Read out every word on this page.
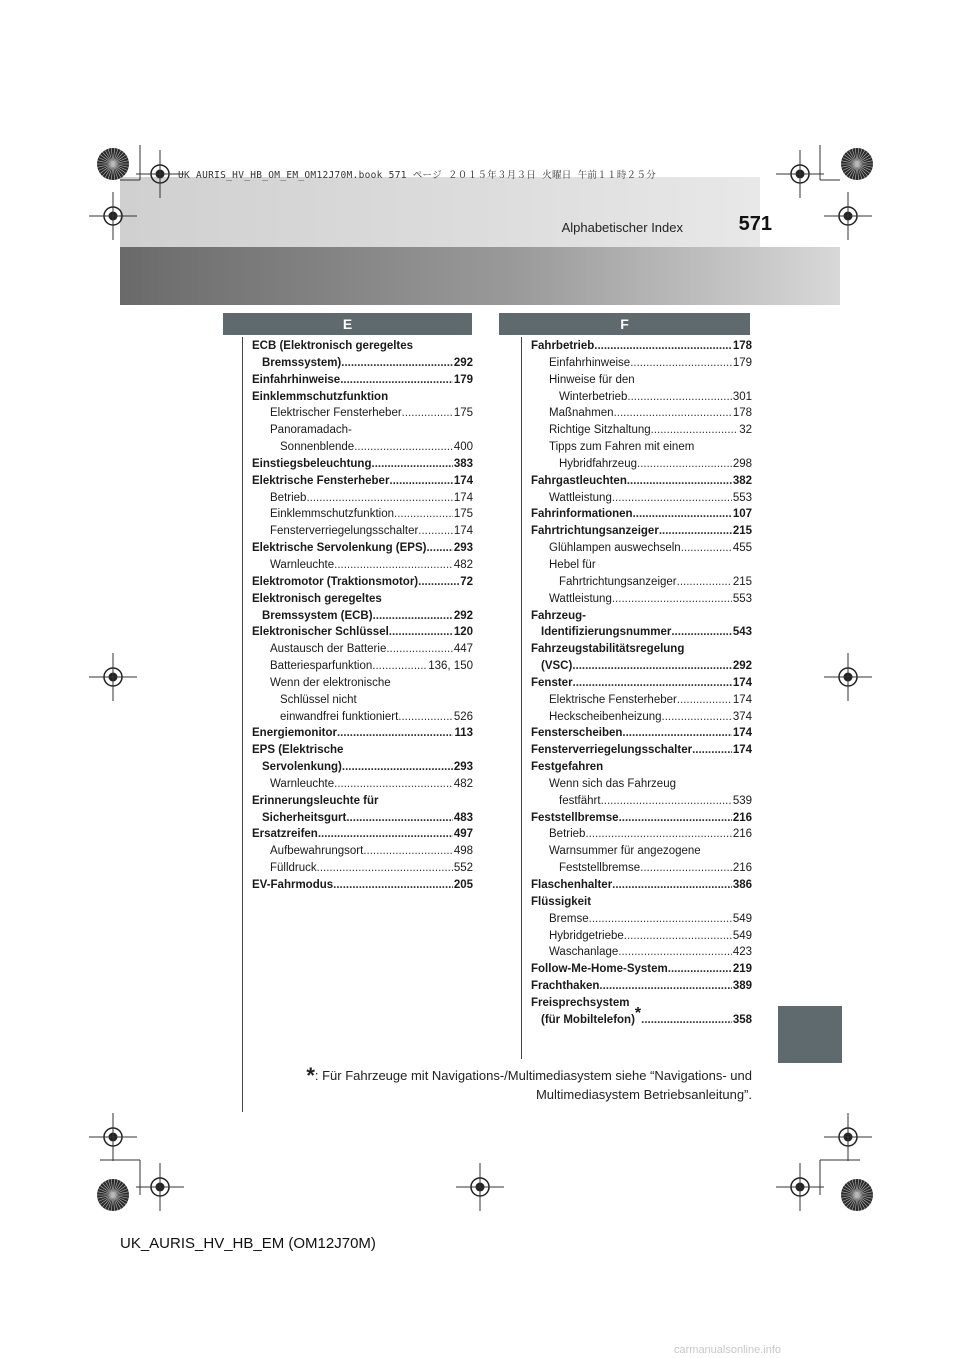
UK AURIS_HV_HB_OM_EM_OM12J70M.book 571 ページ ２０１５年３月３日 火曜日 午前１１時２５分
Alphabetischer Index	571
E	F
ECB (Elektronisch geregeltes
Bremssystem) .....	292
Einfahrhinweise .....	179
Einklemmschutzfunktion
Elektrischer Fensterheber .....	175
Panoramadach-
Sonnenblende .....	400
Einstiegsbeleuchtung .....	383
Elektrische Fensterheber .....	174
Betrieb .....	174
Einklemmschutzfunktion .....	175
Fensterverriegelungsschalter .....	174
Elektrische Servolenkung (EPS) ..... 293
Warnleuchte .....	482
Elektromotor (Traktionsmotor) .....	72
Elektronisch geregeltes
Bremssystem (ECB) .....	292
Elektronischer Schlüssel .....	120
Austausch der Batterie .....	447
Batteriesparfunktion .....	136, 150
Wenn der elektronische
Schlüssel nicht
einwandfrei funktioniert .....	526
Energiemonitor .....	113
EPS (Elektrische
Servolenkung) .....	293
Warnleuchte .....	482
Erinnerungsleuchte für
Sicherheitsgurt .....	483
Ersatzreifen .....	497
Aufbewahrungsort .....	498
Fülldruck .....	552
EV-Fahrmodus .....	205
Fahrbetrieb .....	178
Einfahrhinweise .....	179
Hinweise für den
Winterbetrieb .....	301
Maßnahmen .....	178
Richtige Sitzhaltung .....	32
Tipps zum Fahren mit einem
Hybridfahrzeug .....	298
Fahrgastleuchten .....	382
Wattleistung .....	553
Fahrinformationen .....	107
Fahrtrichtungsanzeiger .....	215
Glühlampen auswechseln .....	455
Hebel für
Fahrtrichtungsanzeiger .....	215
Wattleistung .....	553
Fahrzeug-
Identifizierungsnummer .....	543
Fahrzeugstabilitätsregelung
(VSC) .....	292
Fenster .....	174
Elektrische Fensterheber .....	174
Heckscheibenheizung .....	374
Fensterscheiben .....	174
Fensterverriegelungsschalter .....	174
Festgefahren
Wenn sich das Fahrzeug
festfährt .....	539
Feststellbremse .....	216
Betrieb .....	216
Warnsummer für angezogene
Feststellbremse .....	216
Flaschenhalter .....	386
Flüssigkeit
Bremse .....	549
Hybridgetriebe .....	549
Waschanlage .....	423
Follow-Me-Home-System .....	219
Frachthaken .....	389
Freisprechsystem
(für Mobiltelefon)* .....	358
*: Für Fahrzeuge mit Navigations-/Multimediasystem siehe “Navigations- und
Multimediasystem Betriebsanleitung”.
UK_AURIS_HV_HB_EM (OM12J70M)
carmanualsonline.info
